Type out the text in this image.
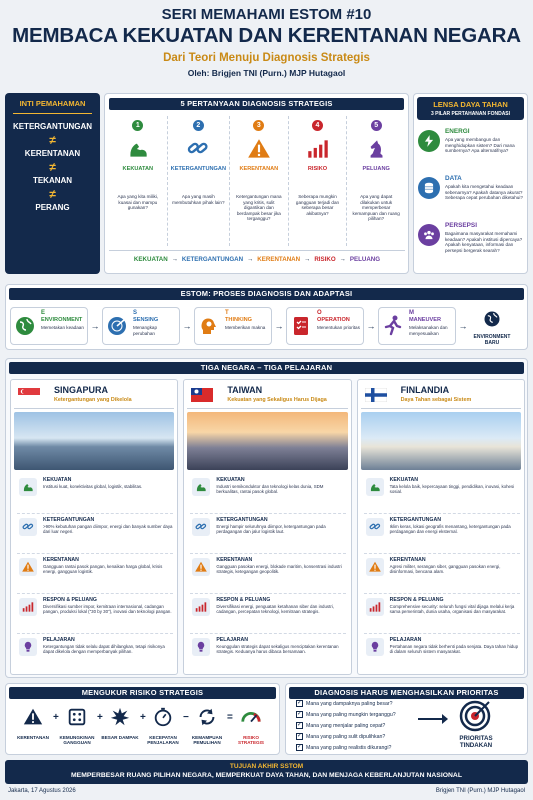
SERI MEMAHAMI ESTOM #10
MEMBACA KEKUATAN DAN KERENTANAN NEGARA
Dari Teori Menuju Diagnosis Strategis
Oleh: Brigjen TNI (Purn.) MJP Hutagaol
INTI PEMAHAMAN
KETERGANTUNGAN
≠
KERENTANAN
≠
TEKANAN
≠
PERANG
5 PERTANYAAN DIAGNOSIS STRATEGIS
1
KEKUATAN
Apa yang kita miliki, kuasai dan mampu gunakan?
2
KETERGANTUNGAN
Apa yang masih membutuhkan pihak lain?
3
KERENTANAN
Ketergantungan mana yang kritis, sulit digantikan dan berdampak besar jika terganggu?
4
RISIKO
Seberapa mungkin gangguan terjadi dan seberapa besar akibatnya?
5
PELUANG
Apa yang dapat dilakukan untuk memperbesar kemampuan dan ruang pilihan?
KEKUATAN → KETERGANTUNGAN → KERENTANAN → RISIKO → PELUANG
LENSA DAYA TAHAN
3 PILAR PERTAHANAN FONDASI
ENERGI
Apa yang membangun dan menghidupkan sistem? Dari mana sumbernya? Apa alternatifnya?
DATA
Apakah kita mengetahui keadaan sebenarnya? Apakah datanya akurat? Seberapa cepat perubahan diketahui?
PERSEPSI
Bagaimana masyarakat memahami keadaan? Apakah institusi dipercaya? Apakah kenyataan, informasi dan persepsi bergerak searah?
ESTOM: PROSES DIAGNOSIS DAN ADAPTASI
E
ENVIRONMENT
Memetakan keadaan →
S
SENSING
Menangkap perubahan
→
T
THINKING
Memberikan makna	→
O
OPERATION
Menentukan prioritas →
M
MANEUVER
Melaksanakan dan menyesuaikan
→
ENVIRONMENT BARU
TIGA NEGARA – TIGA PELAJARAN
SINGAPURA
Ketergantungan yang Dikelola
KEKUATAN
Institusi kuat, konektivitas global, logistik, stabilitas.
KETERGANTUNGAN
>90% kebutuhan pangan diimpor, energi dan banyak sumber daya dari luar negeri.
KERENTANAN
Gangguan rantai pasok pangan, kenaikan harga global, krisis energi, gangguan logistik.
RESPON & PELUANG
Diversifikasi sumber impor, kemitraan internasional, cadangan pangan, produksi lokal ("30 by 30"), inovasi dan teknologi pangan.
PELAJARAN
Ketergantungan tidak selalu dapat dihilangkan, tetapi risikonya dapat dikelola dengan memperbanyak pilihan.
TAIWAN
Kekuatan yang Sekaligus Harus Dijaga
KEKUATAN
Industri semikonduktor dan teknologi kelas dunia, SDM berkualitas, rantai pasok global.
KETERGANTUNGAN
Energi hampir seluruhnya diimpor, ketergantungan pada perdagangan dan jalur logistik laut.
KERENTANAN
Gangguan pasokan energi, blokade maritim, konsentrasi industri strategis, ketegangan geopolitik.
RESPON & PELUANG
Diversifikasi energi, penguatan ketahanan siber dan industri, cadangan, percepatan teknologi, kemitraan strategis.
PELAJARAN
Keunggulan strategis dapat sekaligus menciptakan kerentanan strategis. Keduanya harus dibaca bersamaan.
FINLANDIA
Daya Tahan sebagai Sistem
KEKUATAN
Tata kelola baik, kepercayaan tinggi, pendidikan, inovasi, kohesi sosial.
KETERGANTUNGAN
Iklim keras, lokasi geografis menantang, ketergantungan pada perdagangan dan energi eksternal.
KERENTANAN
Agresi militer, serangan siber, gangguan pasokan energi, disinformasi, bencana alam.
RESPON & PELUANG
Comprehensive security: seluruh fungsi vital dijaga melalui kerja sama pemerintah, dunia usaha, organisasi dan masyarakat.
PELAJARAN
Pertahanan negara tidak berhenti pada senjata. Daya tahan hidup di dalam seluruh sistem masyarakat.
MENGUKUR RISIKO STRATEGIS
KERENTANAN	KEMUNGKINAN GANGGUAN
BESAR DAMPAK	KECEPATAN PENJALARAN
KEMAMPUAN PEMULIHAN
RISIKO STRATEGIS
+	+	+	−	=
DIAGNOSIS HARUS MENGHASILKAN PRIORITAS
✓ Mana yang dampaknya paling besar?
✓ Mana yang paling mungkin terganggu?
✓ Mana yang menjalar paling cepat?
✓ Mana yang paling sulit dipulihkan?
✓ Mana yang paling realistis dikurangi?
PRIORITAS TINDAKAN
TUJUAN AKHIR SSTOM
MEMPERBESAR RUANG PILIHAN NEGARA, MEMPERKUAT DAYA TAHAN, DAN MENJAGA KEBERLANJUTAN NASIONAL
Jakarta, 17 Agustus 2026	Brigjen TNI (Purn.) MJP Hutagaol
